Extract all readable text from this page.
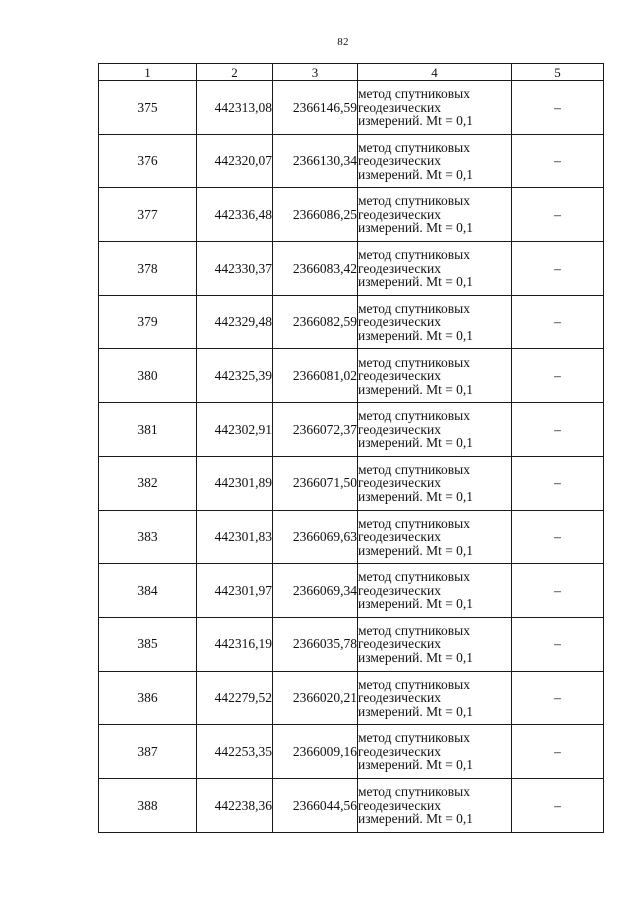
82
1	2	3	4	5
375	442313,08	2366146,59	метод спутниковых
геодезических
измерений. Mt = 0,1	–
376	442320,07	2366130,34	метод спутниковых
геодезических
измерений. Mt = 0,1	–
377	442336,48	2366086,25	метод спутниковых
геодезических
измерений. Mt = 0,1	–
378	442330,37	2366083,42	метод спутниковых
геодезических
измерений. Mt = 0,1	–
379	442329,48	2366082,59	метод спутниковых
геодезических
измерений. Mt = 0,1	–
380	442325,39	2366081,02	метод спутниковых
геодезических
измерений. Mt = 0,1	–
381	442302,91	2366072,37	метод спутниковых
геодезических
измерений. Mt = 0,1	–
382	442301,89	2366071,50	метод спутниковых
геодезических
измерений. Mt = 0,1	–
383	442301,83	2366069,63	метод спутниковых
геодезических
измерений. Mt = 0,1	–
384	442301,97	2366069,34	метод спутниковых
геодезических
измерений. Mt = 0,1	–
385	442316,19	2366035,78	метод спутниковых
геодезических
измерений. Mt = 0,1	–
386	442279,52	2366020,21	метод спутниковых
геодезических
измерений. Mt = 0,1	–
387	442253,35	2366009,16	метод спутниковых
геодезических
измерений. Mt = 0,1	–
388	442238,36	2366044,56	метод спутниковых
геодезических
измерений. Mt = 0,1	–
